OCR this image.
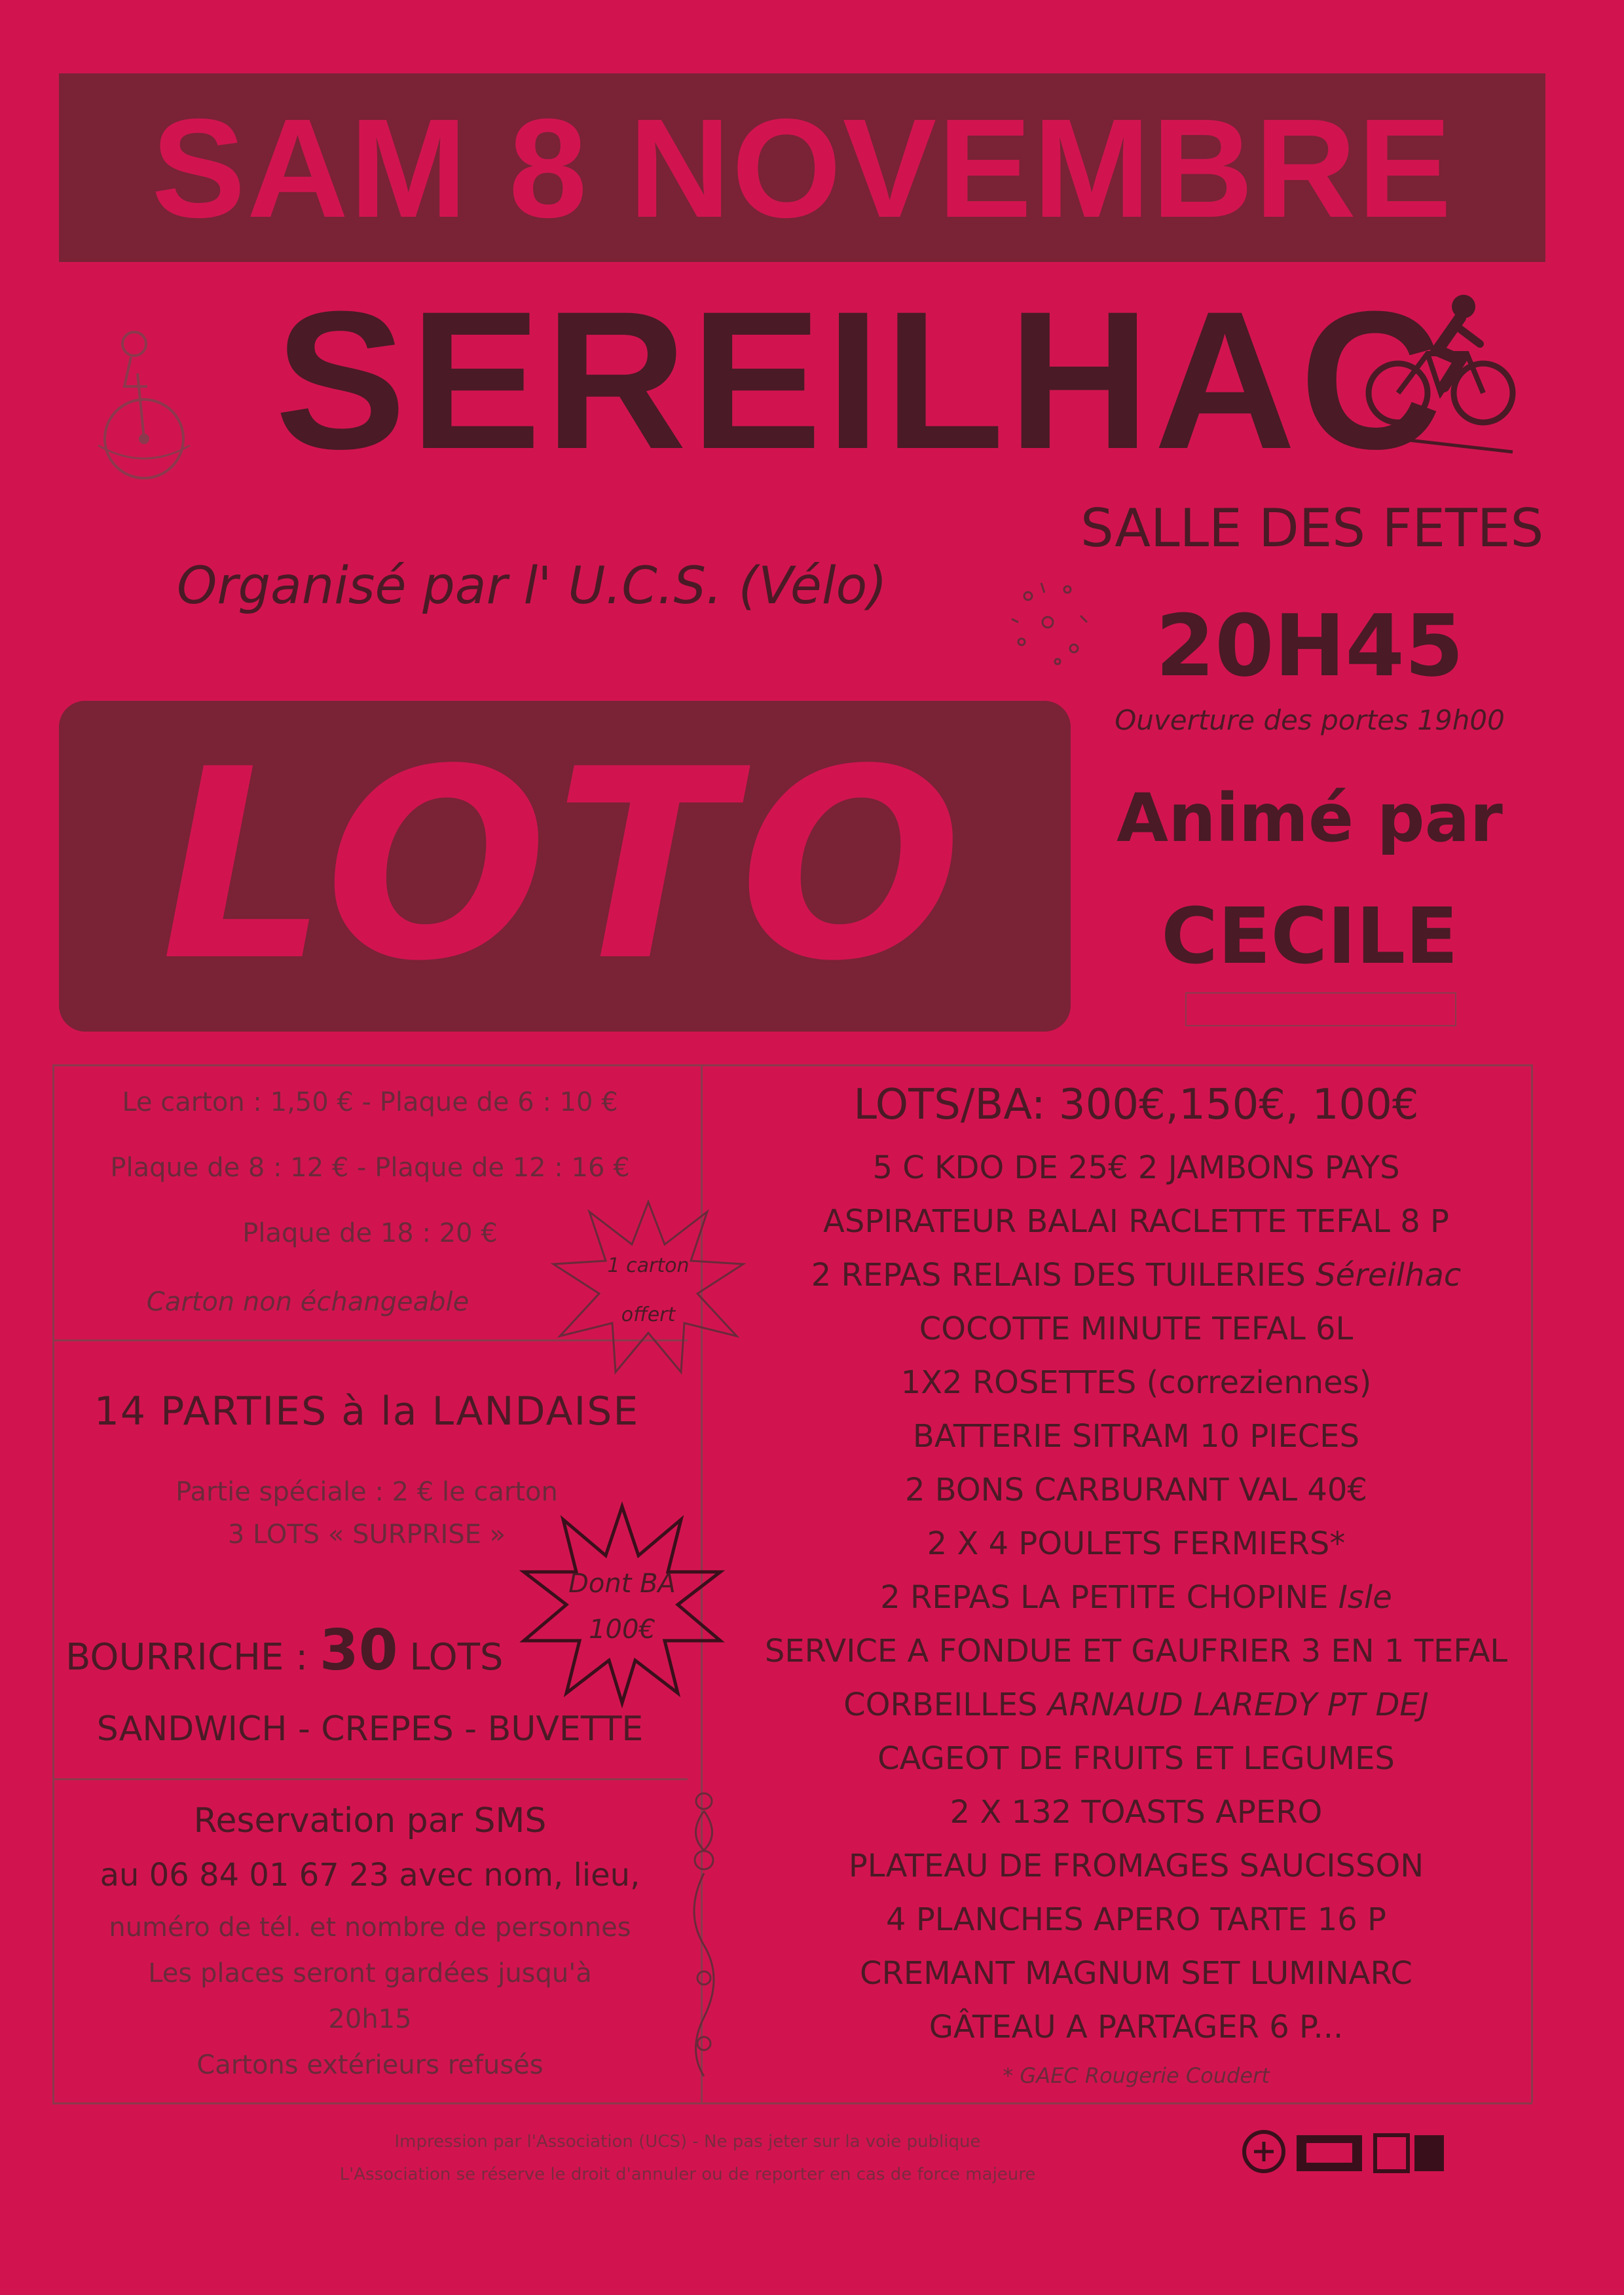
SAM 8 NOVEMBRE
SEREILHAC
Organisé par l' U.C.S. (Vélo)
SALLE DES FETES
20H45
Ouverture des portes 19h00
Animé par
CECILE
LOTO
Le carton : 1,50 € - Plaque de 6 : 10 €
Plaque de 8 : 12 € - Plaque de 12 : 16 €
Plaque de 18 : 20 €
Carton non échangeable
1 carton
offert
14 PARTIES à la LANDAISE
Partie spéciale : 2 € le carton
3 LOTS « SURPRISE »
BOURRICHE : 30 LOTS
Dont BA
100€
SANDWICH - CREPES - BUVETTE
Reservation par SMS
au 06 84 01 67 23 avec nom, lieu,
numéro de tél. et nombre de personnes
Les places seront gardées jusqu'à
20h15
Cartons extérieurs refusés
LOTS/BA: 300€,150€, 100€
5 C KDO DE 25€ 2 JAMBONS PAYS
ASPIRATEUR BALAI RACLETTE TEFAL 8 P
2 REPAS RELAIS DES TUILERIES Séreilhac
COCOTTE MINUTE TEFAL 6L
1X2 ROSETTES (correziennes)
BATTERIE SITRAM 10 PIECES
2 BONS CARBURANT VAL 40€
2 X 4 POULETS FERMIERS*
2 REPAS LA PETITE CHOPINE Isle
SERVICE A FONDUE ET GAUFRIER 3 EN 1 TEFAL
CORBEILLES ARNAUD LAREDY PT DEJ
CAGEOT DE FRUITS ET LEGUMES
2 X 132 TOASTS APERO
PLATEAU DE FROMAGES SAUCISSON
4 PLANCHES APERO TARTE 16 P
CREMANT MAGNUM SET LUMINARC
GÂTEAU A PARTAGER 6 P...
* GAEC Rougerie Coudert
Impression par l'Association (UCS) - Ne pas jeter sur la voie publique
L'Association se réserve le droit d'annuler ou de reporter en cas de force majeure
